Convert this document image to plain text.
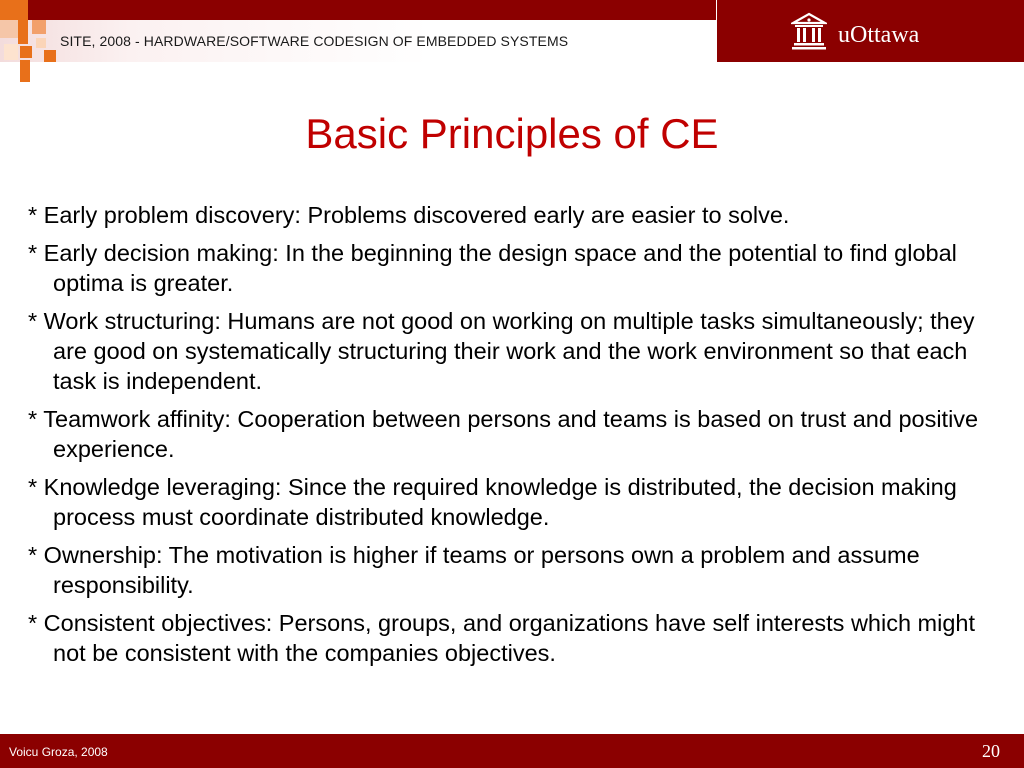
SITE, 2008 - HARDWARE/SOFTWARE CODESIGN OF EMBEDDED SYSTEMS	uOttawa
Basic Principles of CE
* Early problem discovery: Problems discovered early are easier to solve.
* Early decision making: In the beginning the design space and the potential to find global optima is greater.
* Work structuring: Humans are not good on working on multiple tasks simultaneously; they are good on systematically structuring their work and the work environment so that each task is independent.
* Teamwork affinity: Cooperation between persons and teams is based on trust and positive experience.
* Knowledge leveraging: Since the required knowledge is distributed, the decision making process must coordinate distributed knowledge.
* Ownership: The motivation is higher if teams or persons own a problem and assume responsibility.
* Consistent objectives: Persons, groups, and organizations have self interests which might not be consistent with the companies objectives.
Voicu Groza, 2008	20
